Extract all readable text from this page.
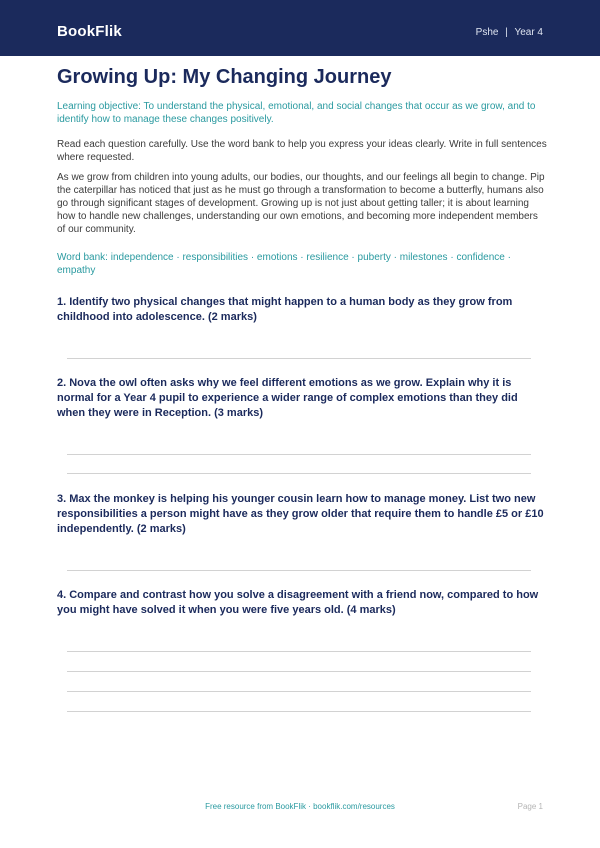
BookFlik	Pshe | Year 4
Growing Up: My Changing Journey
Learning objective: To understand the physical, emotional, and social changes that occur as we grow, and to identify how to manage these changes positively.
Read each question carefully. Use the word bank to help you express your ideas clearly. Write in full sentences where requested.
As we grow from children into young adults, our bodies, our thoughts, and our feelings all begin to change. Pip the caterpillar has noticed that just as he must go through a transformation to become a butterfly, humans also go through significant stages of development. Growing up is not just about getting taller; it is about learning how to handle new challenges, understanding our own emotions, and becoming more independent members of our community.
Word bank: independence · responsibilities · emotions · resilience · puberty · milestones · confidence · empathy
1. Identify two physical changes that might happen to a human body as they grow from childhood into adolescence. (2 marks)
2. Nova the owl often asks why we feel different emotions as we grow. Explain why it is normal for a Year 4 pupil to experience a wider range of complex emotions than they did when they were in Reception. (3 marks)
3. Max the monkey is helping his younger cousin learn how to manage money. List two new responsibilities a person might have as they grow older that require them to handle £5 or £10 independently. (2 marks)
4. Compare and contrast how you solve a disagreement with a friend now, compared to how you might have solved it when you were five years old. (4 marks)
Free resource from BookFlik · bookflik.com/resources	Page 1
